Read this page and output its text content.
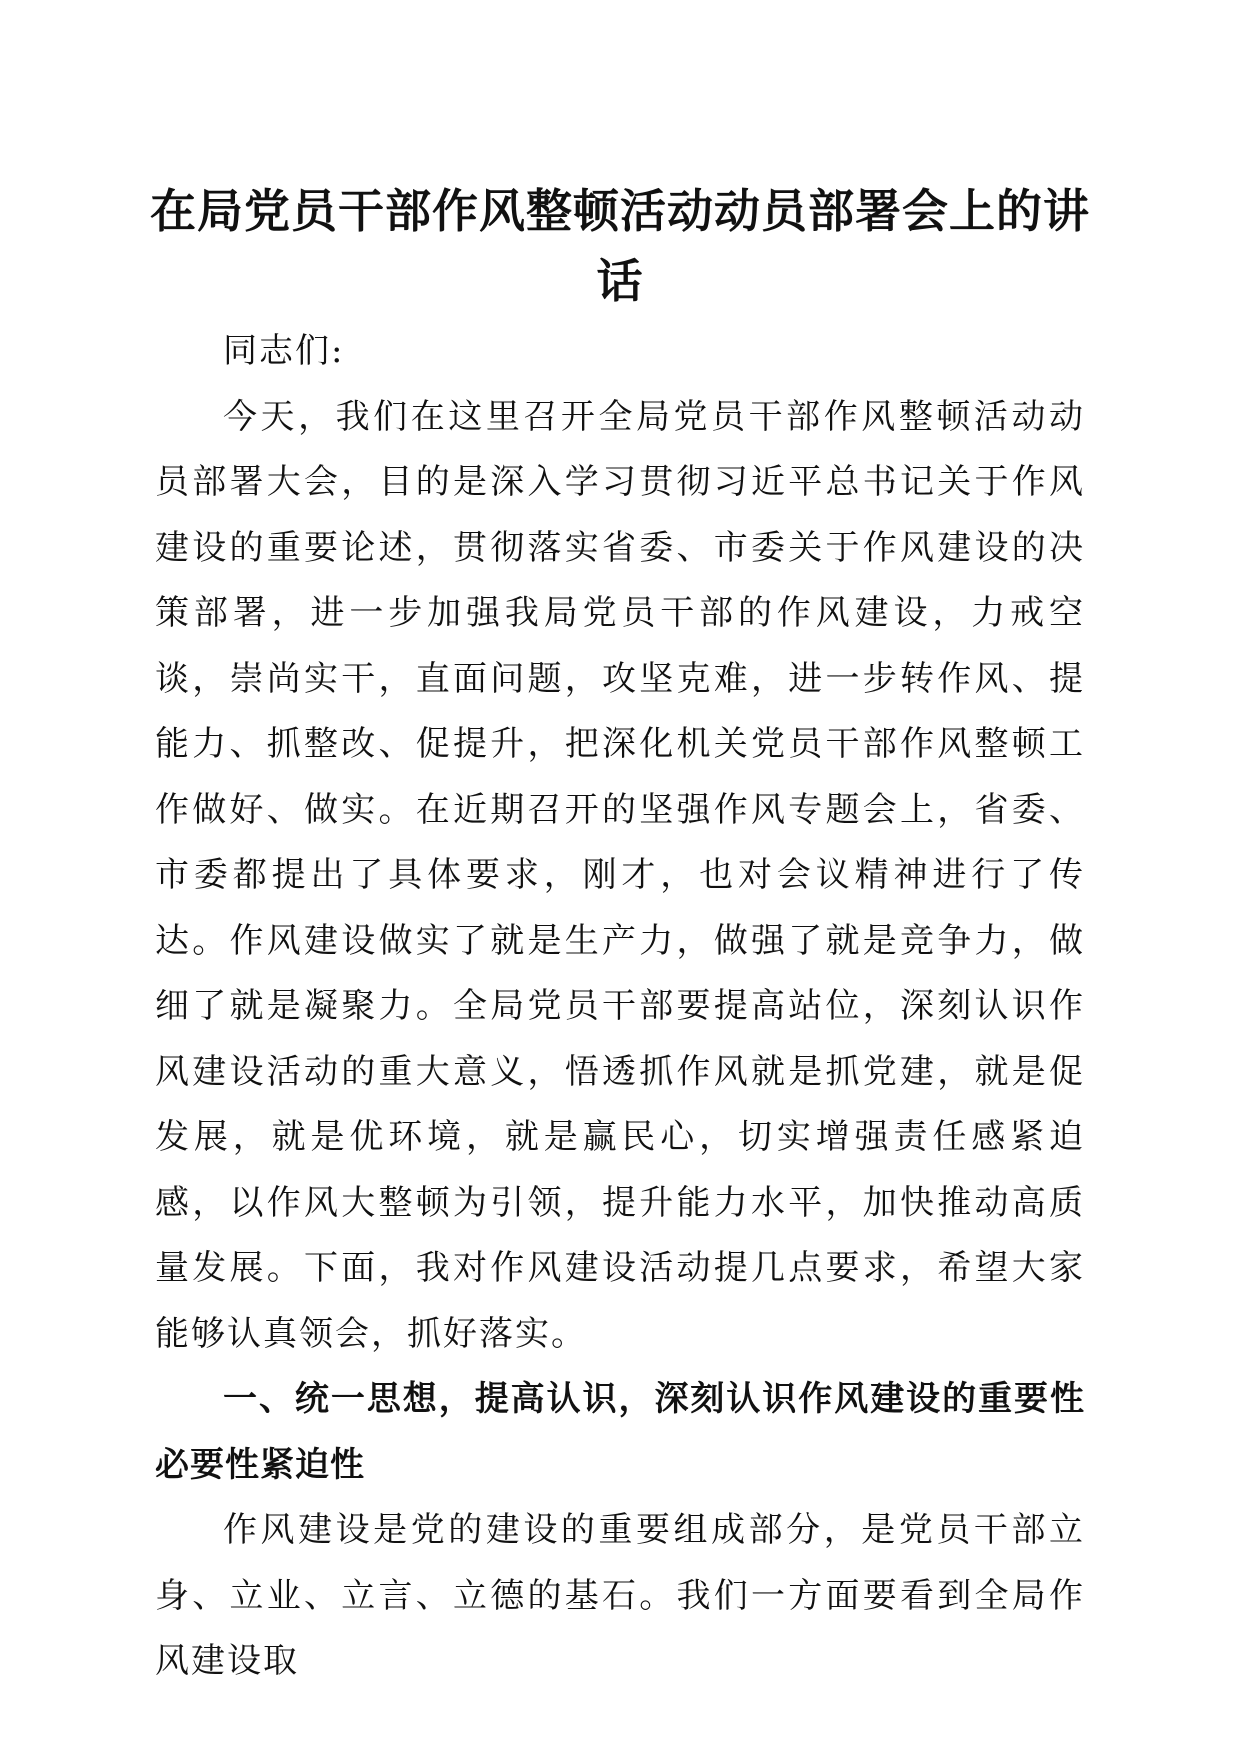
在局党员干部作风整顿活动动员部署会上的讲话

同志们:

今天，我们在这里召开全局党员干部作风整顿活动动员部署大会，目的是深入学习贯彻习近平总书记关于作风建设的重要论述，贯彻落实省委、市委关于作风建设的决策部署，进一步加强我局党员干部的作风建设，力戒空谈，崇尚实干，直面问题，攻坚克难，进一步转作风、提能力、抓整改、促提升，把深化机关党员干部作风整顿工作做好、做实。在近期召开的坚强作风专题会上，省委、市委都提出了具体要求，刚才，也对会议精神进行了传达。作风建设做实了就是生产力，做强了就是竞争力，做细了就是凝聚力。全局党员干部要提高站位，深刻认识作风建设活动的重大意义，悟透抓作风就是抓党建，就是促发展，就是优环境，就是赢民心，切实增强责任感紧迫感，以作风大整顿为引领，提升能力水平，加快推动高质量发展。下面，我对作风建设活动提几点要求，希望大家能够认真领会，抓好落实。

一、统一思想，提高认识，深刻认识作风建设的重要性必要性紧迫性

作风建设是党的建设的重要组成部分，是党员干部立身、立业、立言、立德的基石。我们一方面要看到全局作风建设取
